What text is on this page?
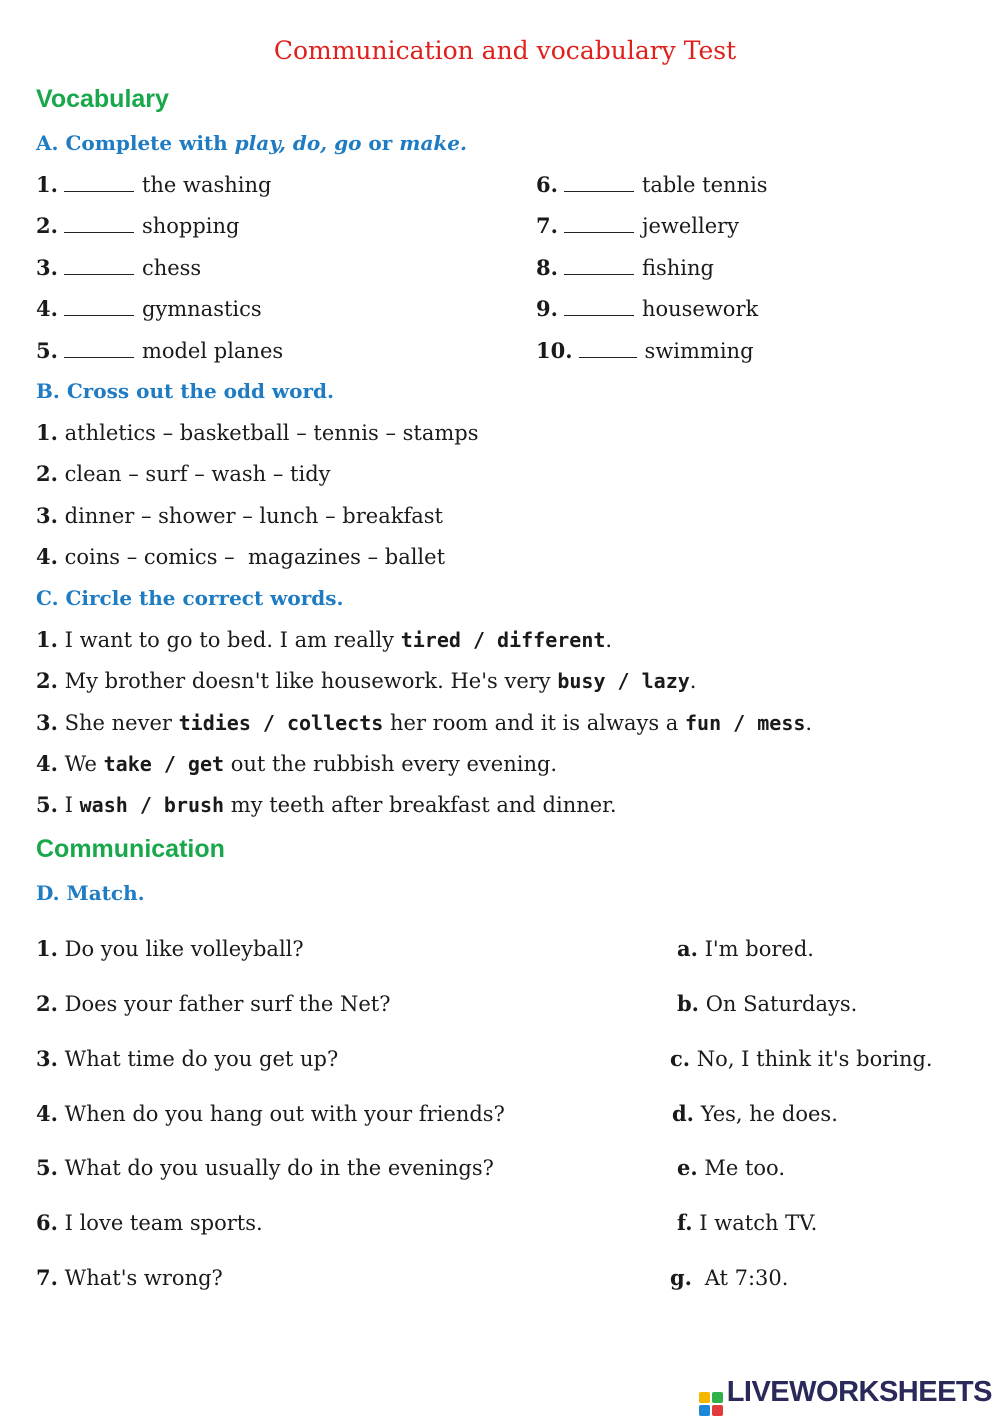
Communication and vocabulary Test
Vocabulary
A. Complete with play, do, go or make.
1.	the washing
2.	shopping
3.	chess
4.	gymnastics
5.	model planes
6.	table tennis
7.	jewellery
8.	fishing
9.	housework
10.	swimming
B. Cross out the odd word.
1. athletics – basketball – tennis – stamps
2. clean – surf – wash – tidy
3. dinner – shower – lunch – breakfast
4. coins – comics –  magazines – ballet
C. Circle the correct words.
1. I want to go to bed. I am really tired / different.
2. My brother doesn't like housework. He's very busy / lazy.
3. She never tidies / collects her room and it is always a fun / mess.
4. We take / get out the rubbish every evening.
5. I wash / brush my teeth after breakfast and dinner.
Communication
D. Match.
1. Do you like volleyball?
2. Does your father surf the Net?
3. What time do you get up?
4. When do you hang out with your friends?
5. What do you usually do in the evenings?
6. I love team sports.
7. What's wrong?
a. I'm bored.
b. On Saturdays.
c. No, I think it's boring.
d. Yes, he does.
e. Me too.
f. I watch TV.
g. At 7:30.
LIVEWORKSHEETS
